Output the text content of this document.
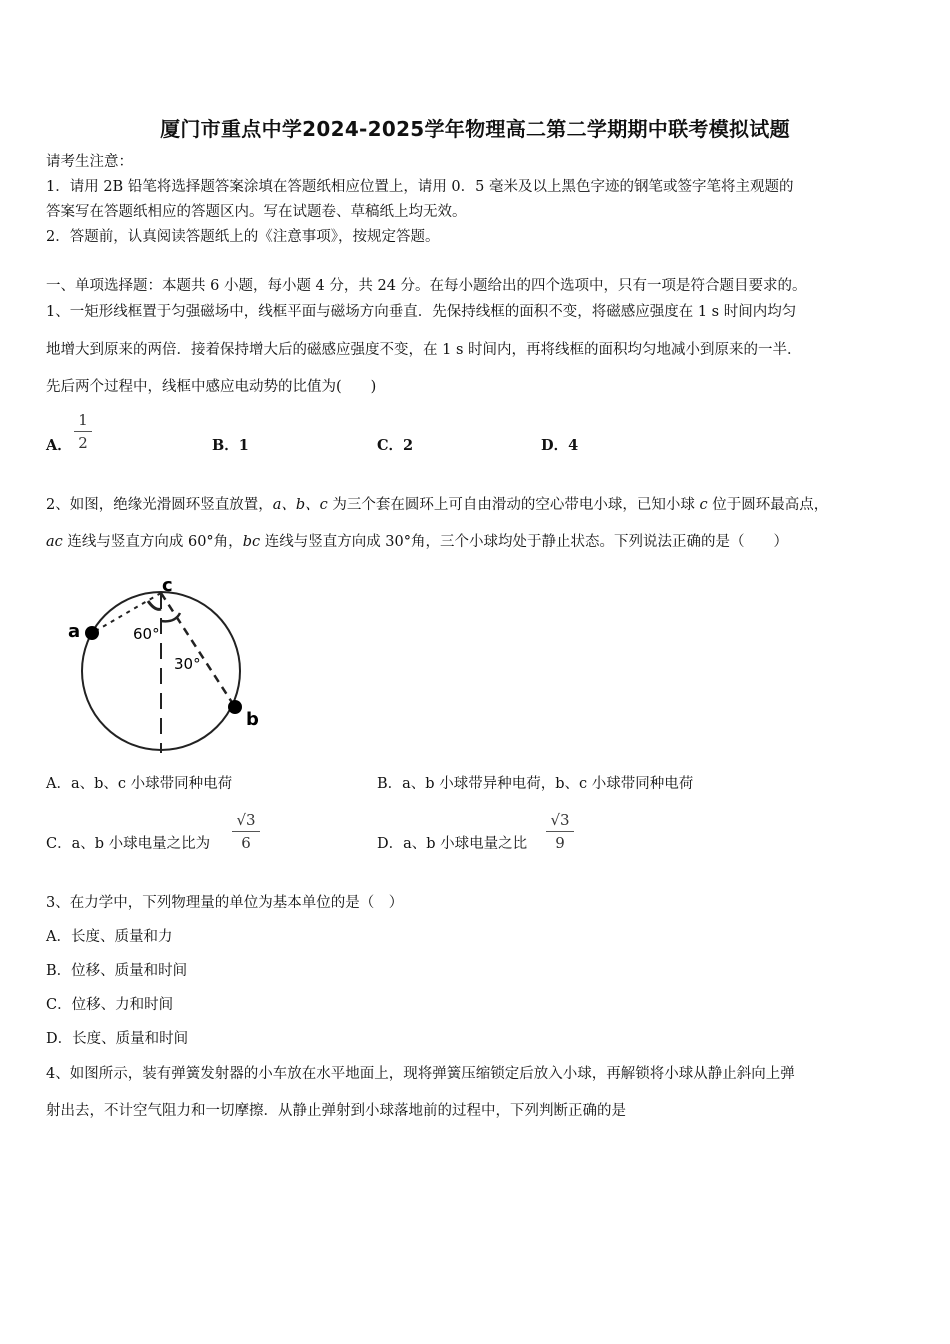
厦门市重点中学2024-2025学年物理高二第二学期期中联考模拟试题
请考生注意：
1．请用 2B 铅笔将选择题答案涂填在答题纸相应位置上，请用 0．5 毫米及以上黑色字迹的钢笔或签字笔将主观题的
答案写在答题纸相应的答题区内。写在试题卷、草稿纸上均无效。
2．答题前，认真阅读答题纸上的《注意事项》，按规定答题。
一、单项选择题：本题共 6 小题，每小题 4 分，共 24 分。在每小题给出的四个选项中，只有一项是符合题目要求的。
1、一矩形线框置于匀强磁场中，线框平面与磁场方向垂直．先保持线框的面积不变，将磁感应强度在 1 s 时间内均匀
地增大到原来的两倍．接着保持增大后的磁感应强度不变，在 1 s 时间内，再将线框的面积均匀地减小到原来的一半．
先后两个过程中，线框中感应电动势的比值为(　　)
A．
1
2	B．1	C．2	D．4
2、如图，绝缘光滑圆环竖直放置，a、b、c 为三个套在圆环上可自由滑动的空心带电小球，已知小球 c 位于圆环最高点，
ac 连线与竖直方向成 60°角，bc 连线与竖直方向成 30°角，三个小球均处于静止状态。下列说法正确的是（　　）
a
b
c
60°
30°
A．a、b、c 小球带同种电荷	B．a、b 小球带异种电荷，b、c 小球带同种电荷
C．a、b 小球电量之比为
√3
6	D．a、b 小球电量之比
√3
9
3、在力学中，下列物理量的单位为基本单位的是（　）
A．长度、质量和力
B．位移、质量和时间
C．位移、力和时间
D．长度、质量和时间
4、如图所示，装有弹簧发射器的小车放在水平地面上，现将弹簧压缩锁定后放入小球，再解锁将小球从静止斜向上弹
射出去，不计空气阻力和一切摩擦．从静止弹射到小球落地前的过程中，下列判断正确的是
